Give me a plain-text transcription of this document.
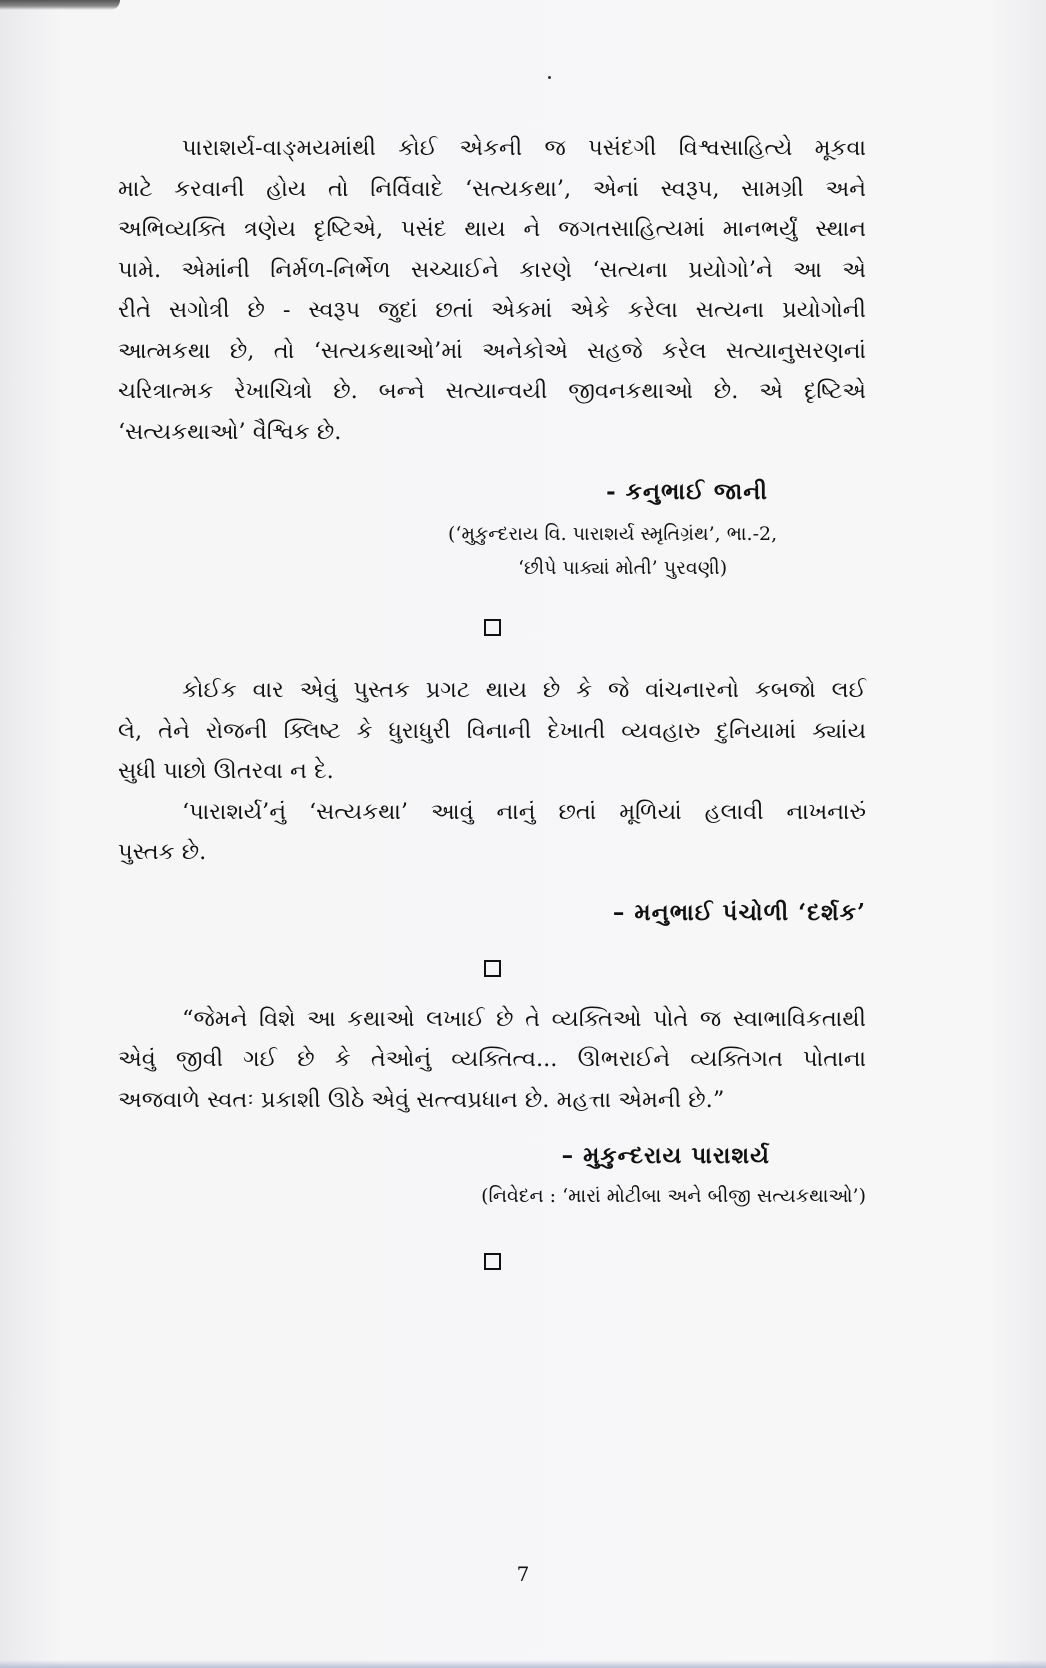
પારાશર્ય-વાઙ્મયમાંથી કોઈ એકની જ પસંદગી વિશ્વસાહિત્યે મૂકવા
માટે કરવાની હોય તો નિર્વિવાદે ‘સત્યકથા’, એનાં સ્વરૂપ, સામગ્રી અને
અભિવ્યક્તિ ત્રણેય દૃષ્ટિએ, પસંદ થાય ને જગતસાહિત્યમાં માનભર્યું સ્થાન
પામે. એમાંની નિર્મળ-નિર્ભેળ સચ્ચાઈને કારણે ‘સત્યના પ્રયોગો’ને આ એ
રીતે સગોત્રી છે - સ્વરૂપ જુદાં છતાં એકમાં એકે કરેલા સત્યના પ્રયોગોની
આત્મકથા છે, તો ‘સત્યકથાઓ’માં અનેકોએ સહજે કરેલ સત્યાનુસરણનાં
ચરિત્રાત્મક રેખાચિત્રો છે. બન્ને સત્યાન્વયી જીવનકથાઓ છે. એ દૃષ્ટિએ
‘સત્યકથાઓ’ વૈશ્વિક છે.
- કનુભાઈ જાની
(‘મુકુન્દરાય વિ. પારાશર્ય સ્મૃતિગ્રંથ’, ભા.-2,
‘છીપે પાક્યાં મોતી’ પુરવણી)
કોઈક વાર એવું પુસ્તક પ્રગટ થાય છે કે જે વાંચનારનો કબજો લઈ
લે, તેને રોજની ક્લિષ્ટ કે ધુરાધુરી વિનાની દેખાતી વ્યવહારુ દુનિયામાં ક્યાંય
સુધી પાછો ઊતરવા ન દે.
‘પારાશર્ય’નું ‘સત્યકથા’ આવું નાનું છતાં મૂળિયાં હલાવી નાખનારું
પુસ્તક છે.
– મનુભાઈ પંચોળી ‘દર્શક’
“જેમને વિશે આ કથાઓ લખાઈ છે તે વ્યક્તિઓ પોતે જ સ્વાભાવિકતાથી
એવું જીવી ગઈ છે કે તેઓનું વ્યક્તિત્વ... ઊભરાઈને વ્યક્તિગત પોતાના
અજવાળે સ્વતઃ પ્રકાશી ઊઠે એવું સત્ત્વપ્રધાન છે. મહત્તા એમની છે.”
– મુકુન્દરાય પારાશર્ય
(નિવેદન : ‘મારાં મોટીબા અને બીજી સત્યકથાઓ’)
7
